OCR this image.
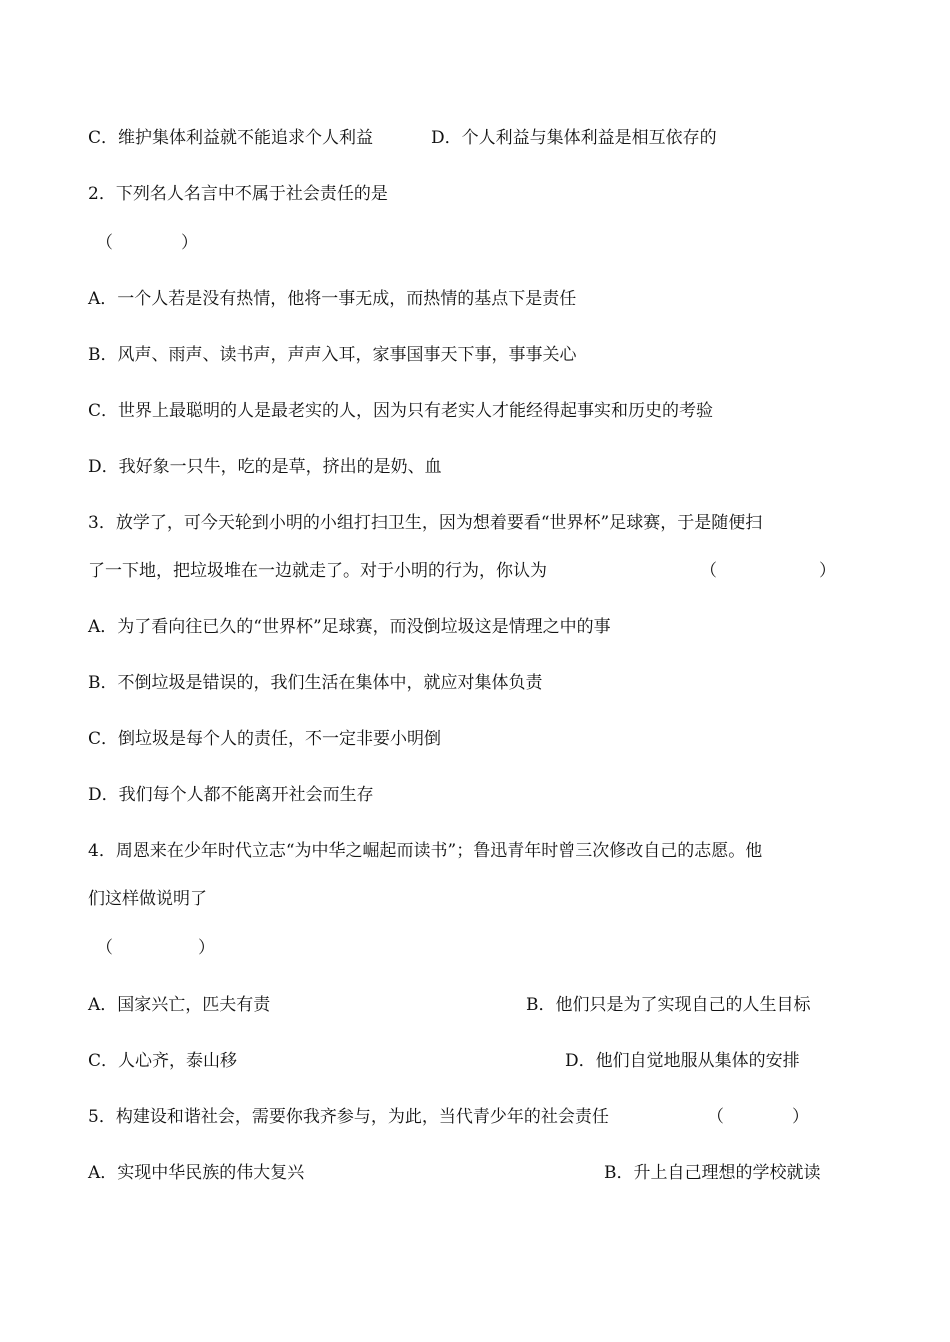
C．维护集体利益就不能追求个人利益	D．个人利益与集体利益是相互依存的
2．下列名人名言中不属于社会责任的是
（　　　　）
A．一个人若是没有热情，他将一事无成，而热情的基点下是责任
B．风声、雨声、读书声，声声入耳，家事国事天下事，事事关心
C．世界上最聪明的人是最老实的人，因为只有老实人才能经得起事实和历史的考验
D．我好象一只牛，吃的是草，挤出的是奶、血
3．放学了，可今天轮到小明的小组打扫卫生，因为想着要看“世界杯”足球赛，于是随便扫
了一下地，把垃圾堆在一边就走了。对于小明的行为，你认为	（　　　　　　）
A．为了看向往已久的“世界杯”足球赛，而没倒垃圾这是情理之中的事
B．不倒垃圾是错误的，我们生活在集体中，就应对集体负责
C．倒垃圾是每个人的责任，不一定非要小明倒
D．我们每个人都不能离开社会而生存
4．周恩来在少年时代立志“为中华之崛起而读书”；鲁迅青年时曾三次修改自己的志愿。他
们这样做说明了
（　　　　　）
A．国家兴亡，匹夫有责	B．他们只是为了实现自己的人生目标
C．人心齐，泰山移	D．他们自觉地服从集体的安排
5．构建设和谐社会，需要你我齐参与，为此，当代青少年的社会责任	（　　　　）
A．实现中华民族的伟大复兴	B．升上自己理想的学校就读
